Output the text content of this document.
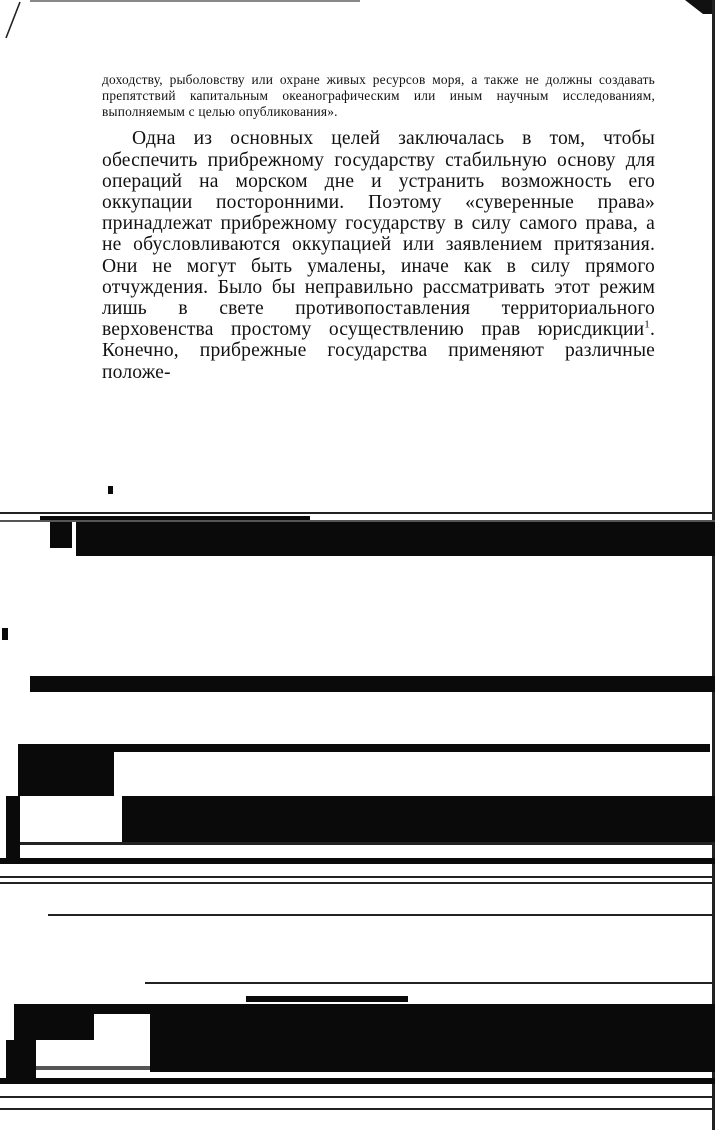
доходству, рыболовству или охране живых ресурсов моря, а также не должны создавать препятствий капитальным океанографическим или иным научным исследованиям, выполняемым с целью опубликования».

Одна из основных целей заключалась в том, чтобы обеспечить прибрежному государству стабильную основу для операций на морском дне и устранить возможность его оккупации посторонними. Поэтому «суверенные права» принадлежат прибрежному государству в силу самого права, а не обусловливаются оккупацией или заявлением притязания. Они не могут быть умалены, иначе как в силу прямого отчуждения. Было бы неправильно рассматривать этот режим лишь в свете противопоставления территориального верховенства простому осуществлению прав юрисдикции$^1$. Конечно, прибрежные государства применяют различные положе-
